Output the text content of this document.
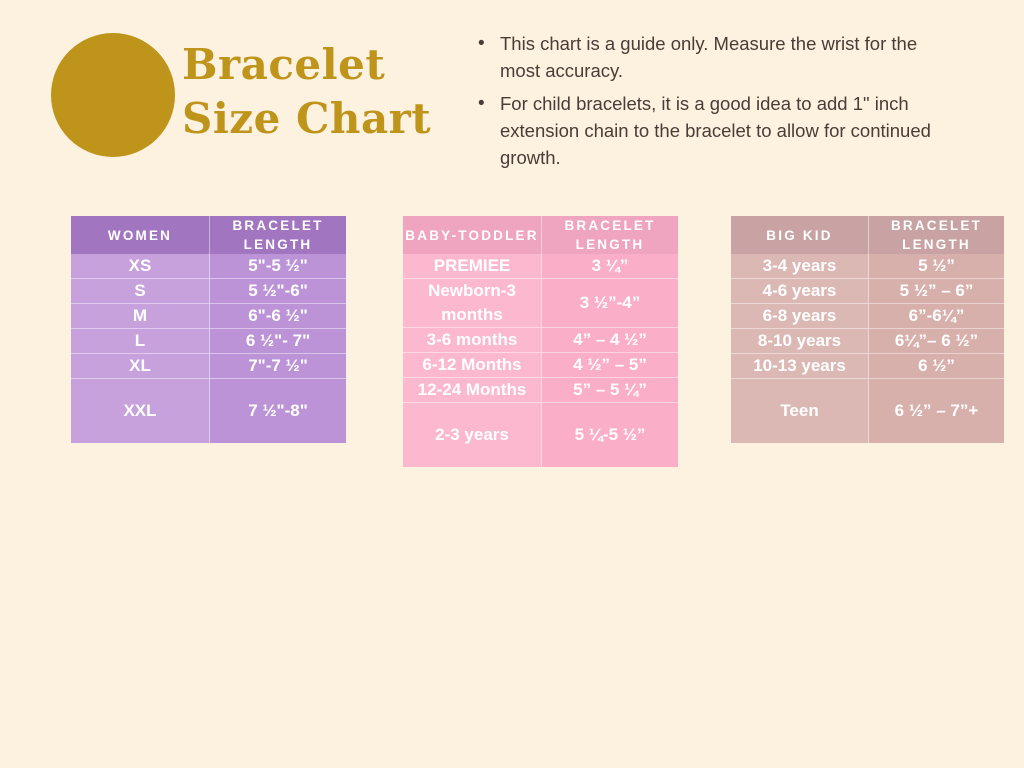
Bracelet
Size Chart
• This chart is a guide only. Measure the wrist for the most accuracy.
• For child bracelets, it is a good idea to add 1" inch extension chain to the bracelet to allow for continued growth.
WOMEN	BRACELET LENGTH
XS	5"-5 ½"
S	5 ½"-6"
M	6"-6 ½"
L	6 ½"- 7"
XL	7"-7 ½"
XXL	7 ½"-8"
BABY-TODDLER	BRACELET LENGTH
PREMIEE	3 ¼”
Newborn-3 months	3 ½”-4”
3-6 months	4” – 4 ½”
6-12 Months	4 ½” – 5”
12-24 Months	5” – 5 ¼”
2-3 years	5 ¼-5 ½”
BIG KID	BRACELET LENGTH
3-4 years	5 ½”
4-6 years	5 ½” – 6”
6-8 years	6”-6¼”
8-10 years	6¼”– 6 ½”
10-13 years	6 ½”
Teen	6 ½” – 7”+
